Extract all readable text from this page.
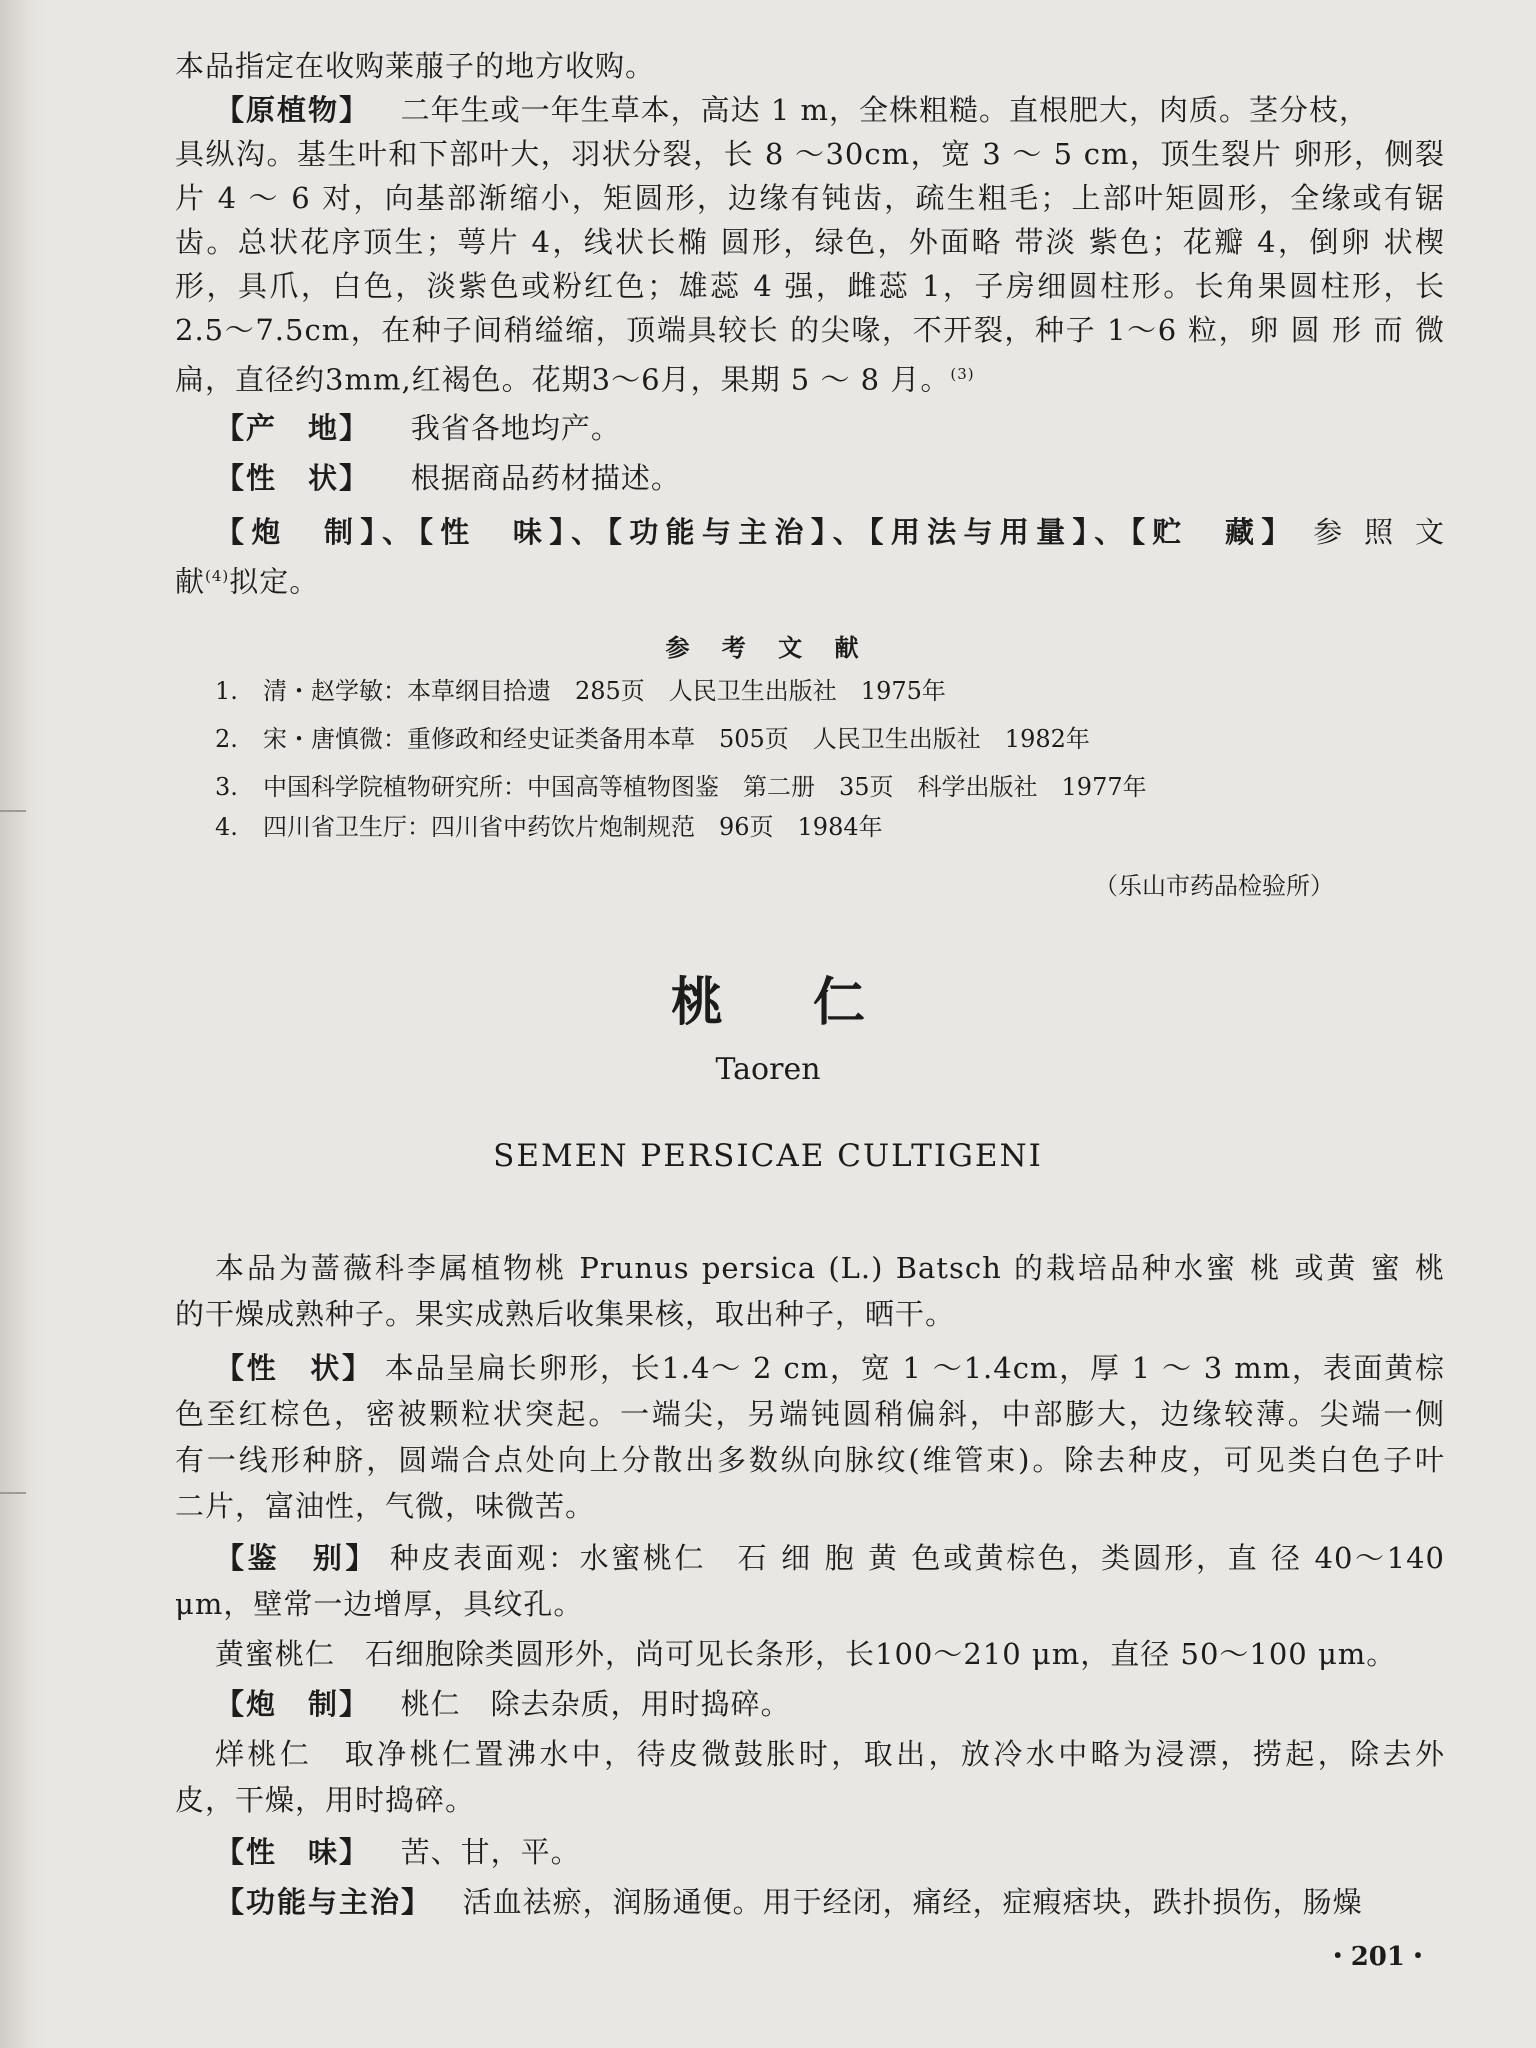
本品指定在收购莱菔子的地方收购。
【原植物】 二年生或一年生草本，高达 1 m，全株粗糙。直根肥大，肉质。茎分枝，
具纵沟。基生叶和下部叶大，羽状分裂，长 8 ～30cm，宽 3 ～ 5 cm，顶生裂片 卵形，侧裂
片 4 ～ 6 对，向基部渐缩小，矩圆形，边缘有钝齿，疏生粗毛；上部叶矩圆形，全缘或有锯
齿。总状花序顶生；萼片 4，线状长椭 圆形，绿色，外面略 带淡 紫色；花瓣 4，倒卵 状楔
形，具爪，白色，淡紫色或粉红色；雄蕊 4 强，雌蕊 1，子房细圆柱形。长角果圆柱形，长
2.5～7.5cm，在种子间稍缢缩，顶端具较长 的尖喙，不开裂，种子 1～6 粒，卵 圆 形 而 微
扁，直径约3mm,红褐色。花期3～6月，果期 5 ～ 8 月。$^{(3)}$
【产　地】 我省各地均产。
【性　状】 根据商品药材描述。
【炮　制】、【性　味】、【功能与主治】、【用法与用量】、【贮　藏】 参 照 文
献$^{(4)}$拟定。
参 考 文 献
1. 清・赵学敏：本草纲目拾遗　285页　人民卫生出版社　1975年
2. 宋・唐慎微：重修政和经史证类备用本草　505页　人民卫生出版社　1982年
3. 中国科学院植物研究所：中国高等植物图鉴　第二册　35页　科学出版社　1977年
4. 四川省卫生厅：四川省中药饮片炮制规范　96页　1984年
（乐山市药品检验所）
桃仁
Taoren
SEMEN PERSICAE CULTIGENI
本品为蔷薇科李属植物桃 Prunus persica (L.) Batsch 的栽培品种水蜜 桃 或黄 蜜 桃
的干燥成熟种子。果实成熟后收集果核，取出种子，晒干。
【性　状】 本品呈扁长卵形，长1.4～ 2 cm，宽 1 ～1.4cm，厚 1 ～ 3 mm，表面黄棕
色至红棕色，密被颗粒状突起。一端尖，另端钝圆稍偏斜，中部膨大，边缘较薄。尖端一侧
有一线形种脐，圆端合点处向上分散出多数纵向脉纹(维管束)。除去种皮，可见类白色子叶
二片，富油性，气微，味微苦。
【鉴　别】 种皮表面观：水蜜桃仁　石 细 胞 黄 色或黄棕色，类圆形，直 径 40～140
μm，壁常一边增厚，具纹孔。
黄蜜桃仁　石细胞除类圆形外，尚可见长条形，长100～210 μm，直径 50～100 μm。
【炮　制】 桃仁　除去杂质，用时捣碎。
烊桃仁　取净桃仁置沸水中，待皮微鼓胀时，取出，放冷水中略为浸漂，捞起，除去外
皮，干燥，用时捣碎。
【性　味】 苦、甘，平。
【功能与主治】 活血祛瘀，润肠通便。用于经闭，痛经，症瘕痞块，跌扑损伤，肠燥
・201・
